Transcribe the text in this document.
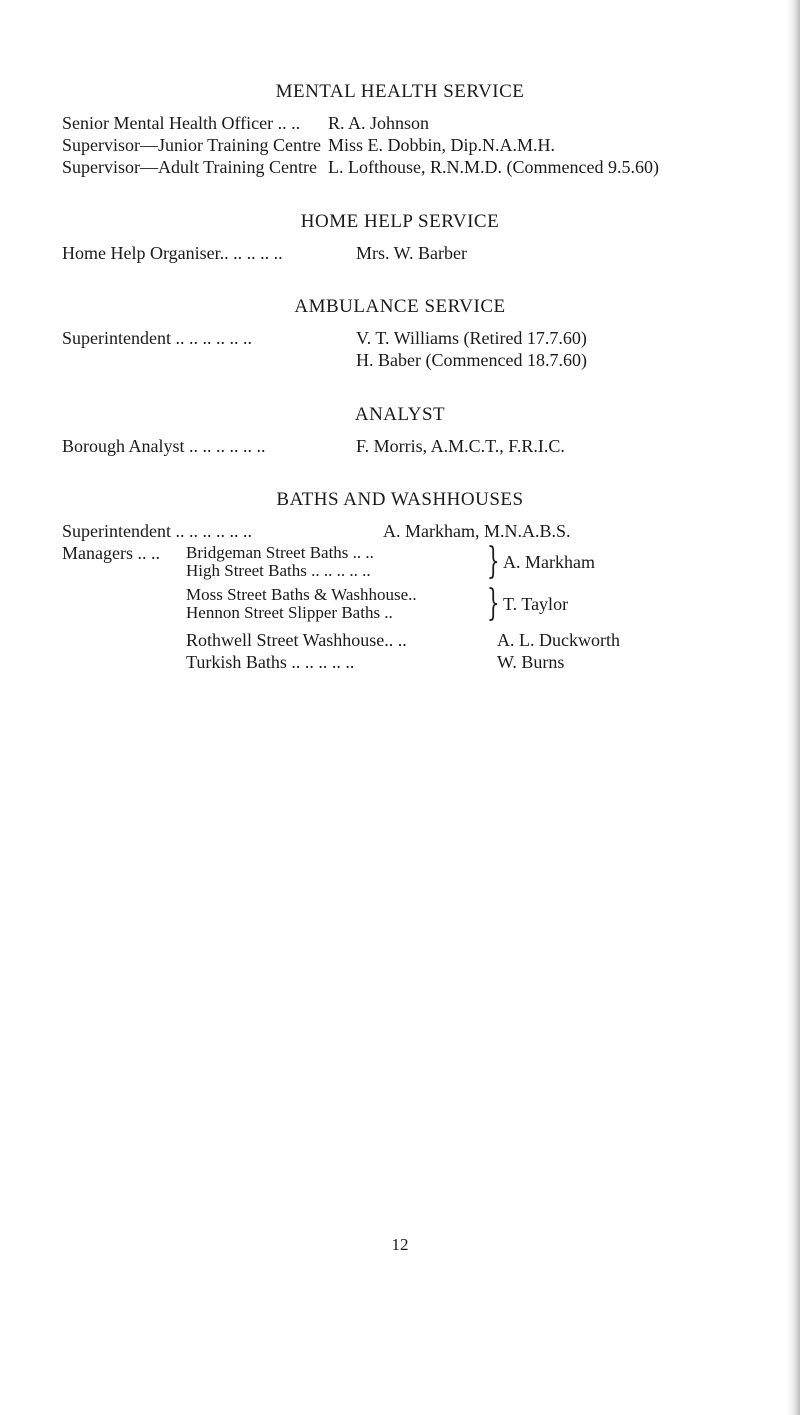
MENTAL HEALTH SERVICE
Senior Mental Health Officer .. .. R. A. Johnson
Supervisor—Junior Training Centre Miss E. Dobbin, Dip.N.A.M.H.
Supervisor—Adult Training Centre L. Lofthouse, R.N.M.D. (Commenced 9.5.60)
HOME HELP SERVICE
Home Help Organiser.. .. .. .. ..	Mrs. W. Barber
AMBULANCE SERVICE
Superintendent .. .. .. .. .. ..	V. T. Williams (Retired 17.7.60)
H. Baber (Commenced 18.7.60)
ANALYST
Borough Analyst .. .. .. .. .. ..	F. Morris, A.M.C.T., F.R.I.C.
BATHS AND WASHHOUSES
Superintendent .. .. .. .. .. ..	A. Markham, M.N.A.B.S.
Managers .. .. Bridgeman Street Baths .. ..
High Street Baths .. .. .. .. ..	} A. Markham
Moss Street Baths & Washhouse..
Hennon Street Slipper Baths ..	} T. Taylor
Rothwell Street Washhouse.. ..	A. L. Duckworth
Turkish Baths .. .. .. .. ..	W. Burns
12
